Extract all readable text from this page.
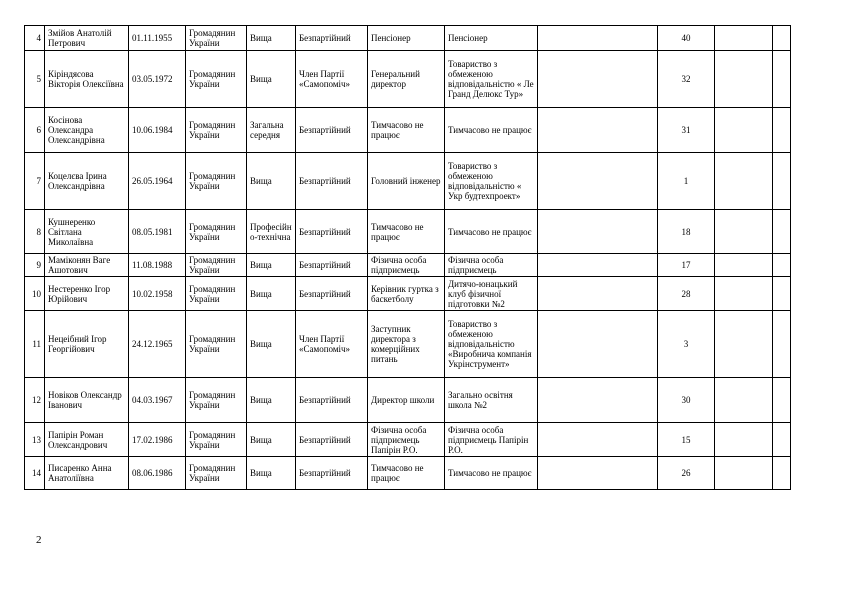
4	Змійов Анатолій Петрович	01.11.1955	Громадянин України	Вища	Безпартійний	Пенсіонер	Пенсіонер		40		
5	Кіріндясова Вікторія Олексіївна	03.05.1972	Громадянин України	Вища	Член Партії «Самопоміч»	Генеральний директор	Товариство з обмеженою відповідальністю « Ле Гранд Делюкс Тур»		32		
6	Косінова Олександра Олександрівна	10.06.1984	Громадянин України	Загальна середня	Безпартійний	Тимчасово не працює	Тимчасово не працює		31		
7	Коцелєва Ірина Олександрівна	26.05.1964	Громадянин України	Вища	Безпартійний	Головний інженер	Товариство з обмеженою відповідальністю « Укр будтехпроект»		1		
8	Кушнеренко Світлана Миколаївна	08.05.1981	Громадянин України	Професійно-технічна	Безпартійний	Тимчасово не працює	Тимчасово не працює		18		
9	Маміконян Ваге Ашотович	11.08.1988	Громадянин України	Вища	Безпартійний	Фізична особа підприємець	Фізична особа підприємець		17		
10	Нестеренко Ігор Юрійович	10.02.1958	Громадянин України	Вища	Безпартійний	Керівник гуртка з баскетболу	Дитячо-юнацький клуб фізичної підготовки №2		28		
11	Нецеібний Ігор Георгійович	24.12.1965	Громадянин України	Вища	Член Партії «Самопоміч»	Заступник директора з комерційних питань	Товариство з обмеженою відповідальністю «Виробнича компанія Укрінструмент»		3		
12	Новіков Олександр Іванович	04.03.1967	Громадянин України	Вища	Безпартійний	Директор школи	Загально освітня школа №2		30		
13	Папірін Роман Олександрович	17.02.1986	Громадянин України	Вища	Безпартійний	Фізична особа підприємець Папірін Р.О.	Фізична особа підприємець Папірін Р.О.		15		
14	Писаренко Анна Анатоліївна	08.06.1986	Громадянин України	Вища	Безпартійний	Тимчасово не працює	Тимчасово не працює		26		
2
